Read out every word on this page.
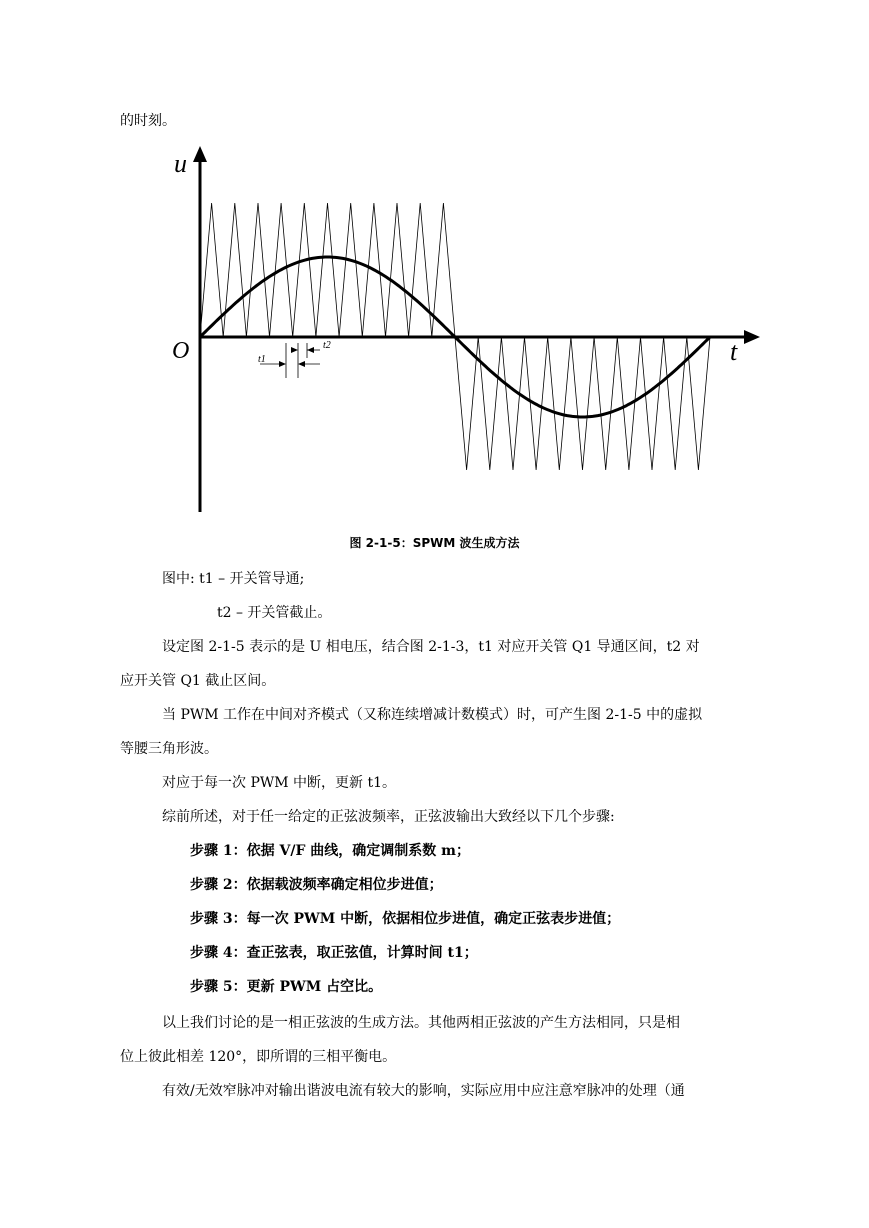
的时刻。
u
t
O	t1
t2
图 2-1-5：SPWM 波生成方法
图中: t1 – 开关管导通;
t2 – 开关管截止。
设定图 2-1-5 表示的是 U 相电压，结合图 2-1-3，t1 对应开关管 Q1 导通区间，t2 对
应开关管 Q1 截止区间。
当 PWM 工作在中间对齐模式（又称连续增减计数模式）时，可产生图 2-1-5 中的虚拟
等腰三角形波。
对应于每一次 PWM 中断，更新 t1。
综前所述，对于任一给定的正弦波频率，正弦波输出大致经以下几个步骤:
步骤 1：依据 V/F 曲线，确定调制系数 m；
步骤 2：依据载波频率确定相位步进值；
步骤 3：每一次 PWM 中断，依据相位步进值，确定正弦表步进值；
步骤 4：查正弦表，取正弦值，计算时间 t1；
步骤 5：更新 PWM 占空比。
以上我们讨论的是一相正弦波的生成方法。其他两相正弦波的产生方法相同，只是相
位上彼此相差 120°，即所谓的三相平衡电。
有效/无效窄脉冲对输出谐波电流有较大的影响，实际应用中应注意窄脉冲的处理（通
